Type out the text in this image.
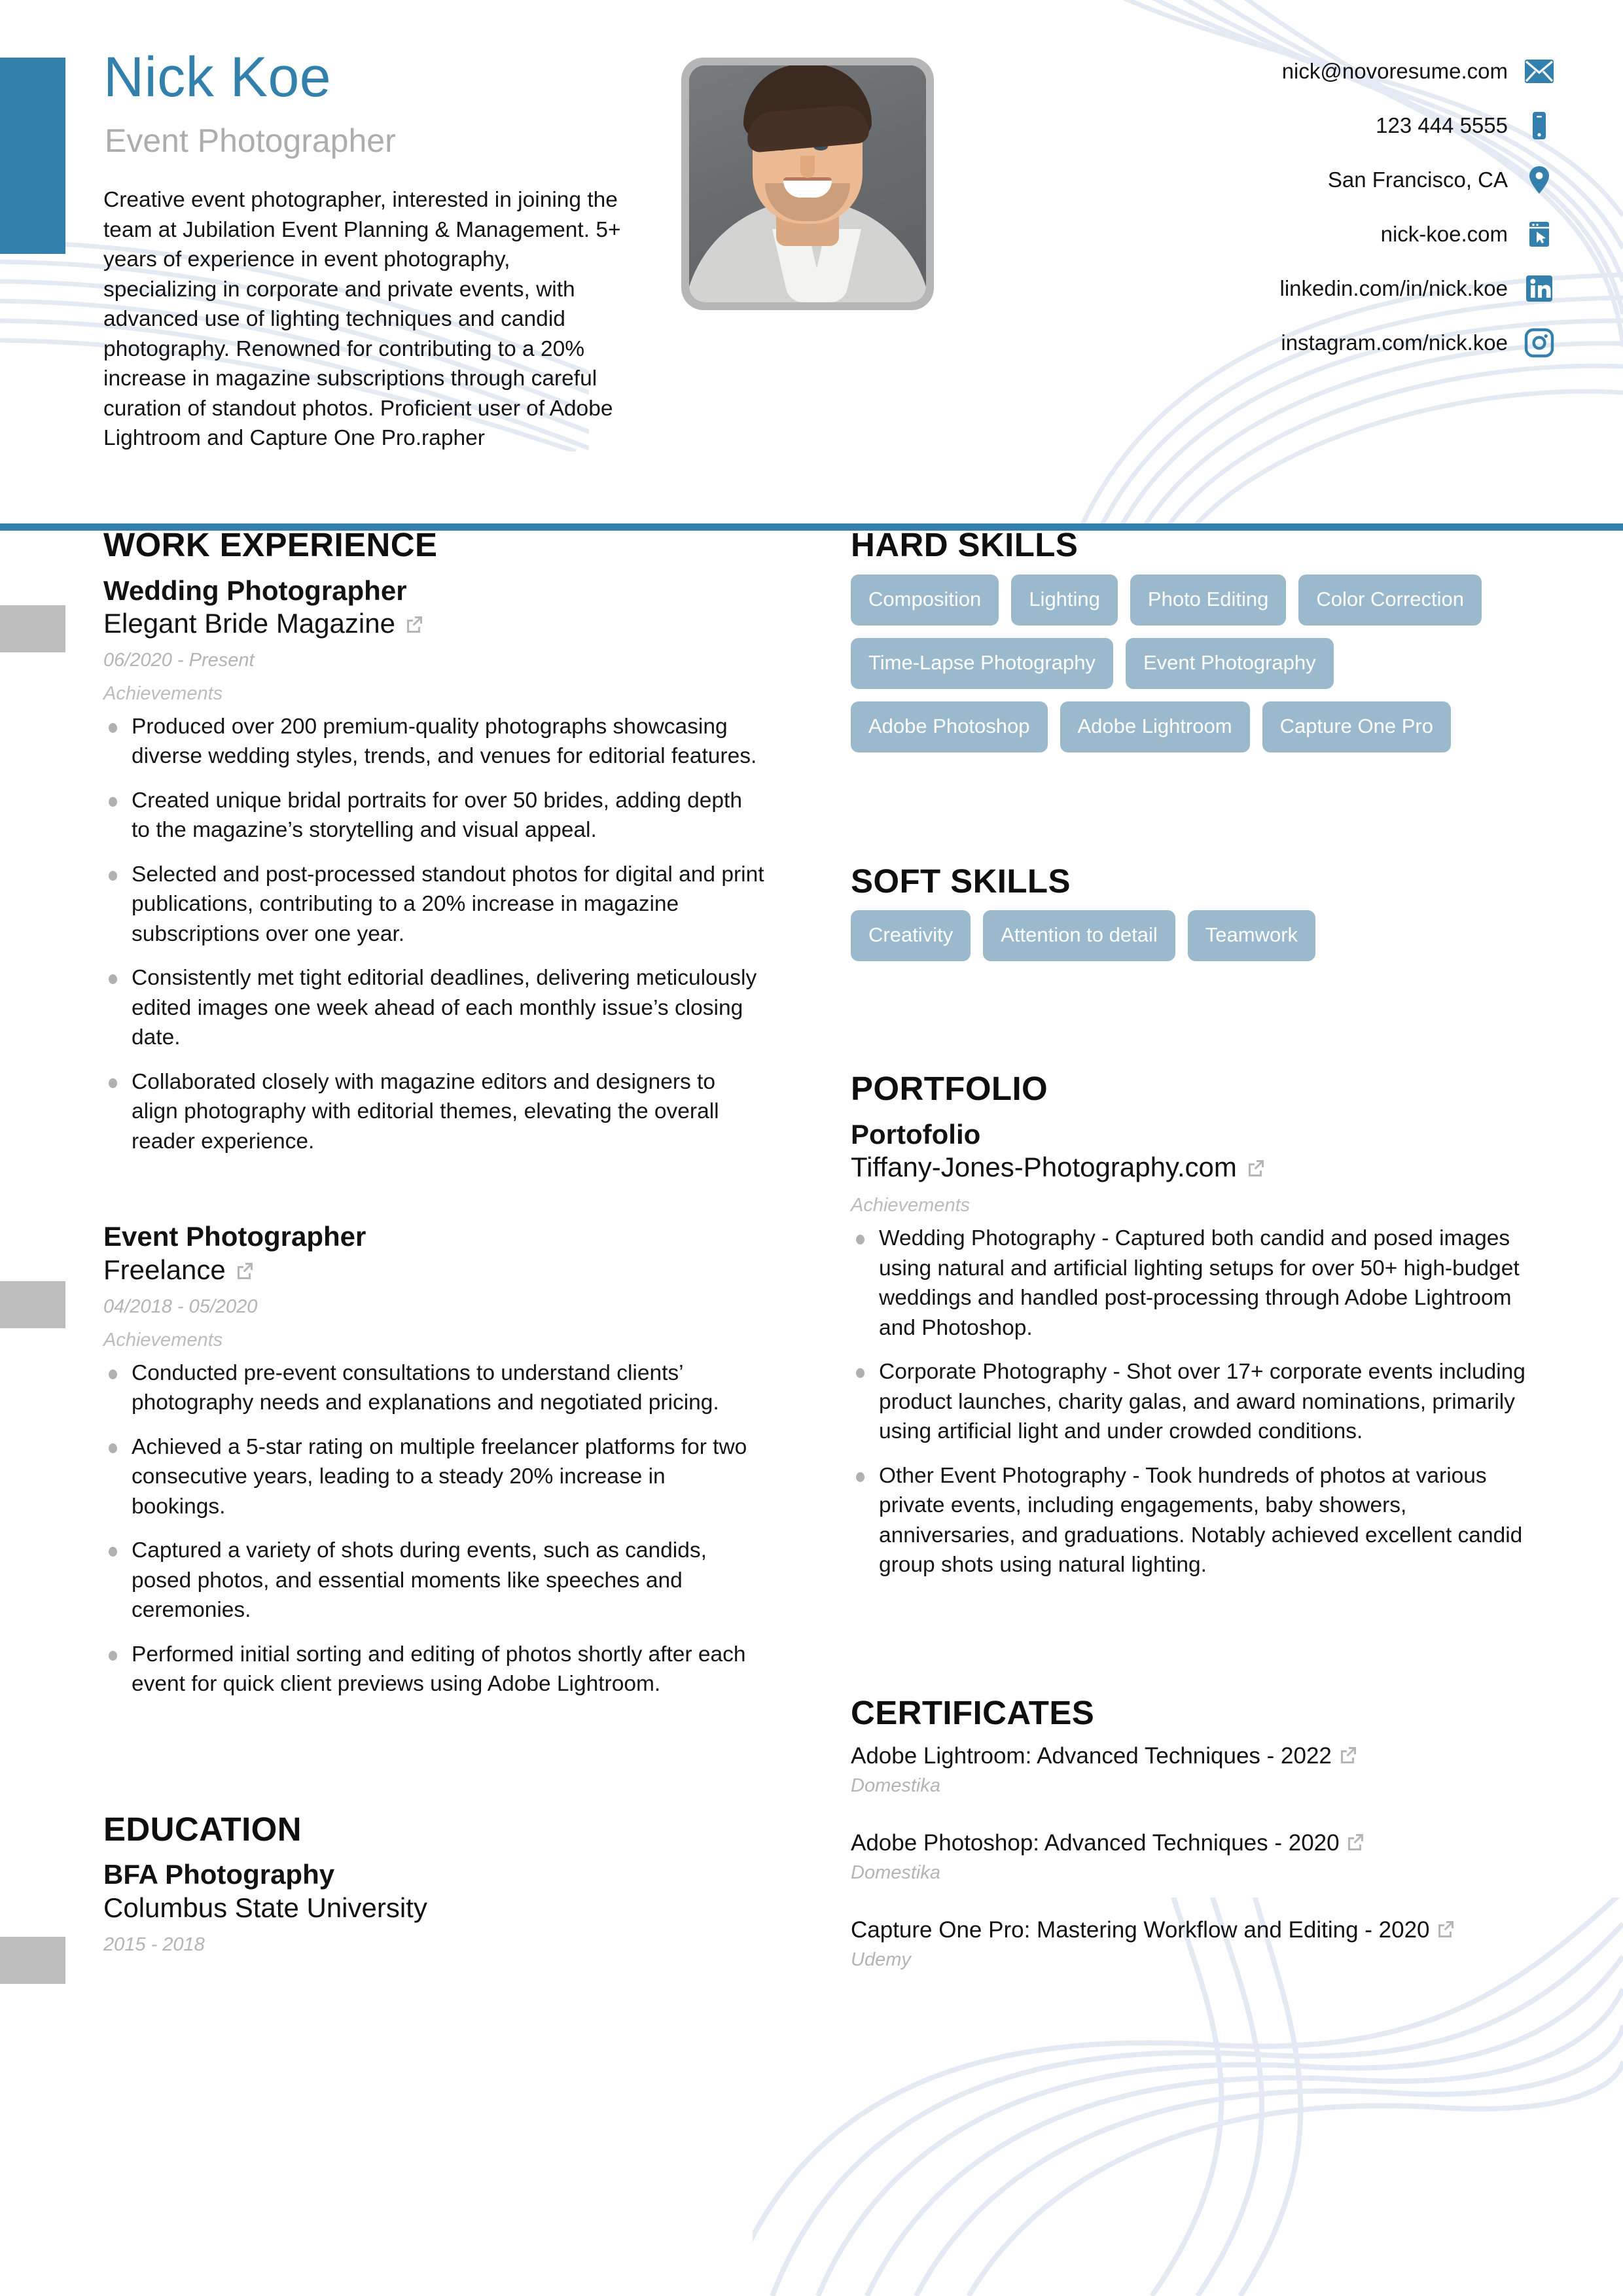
Nick Koe
Event Photographer
Creative event photographer, interested in joining the team at Jubilation Event Planning & Management. 5+ years of experience in event photography, specializing in corporate and private events, with advanced use of lighting techniques and candid photography. Renowned for contributing to a 20% increase in magazine subscriptions through careful curation of standout photos. Proficient user of Adobe Lightroom and Capture One Pro.rapher
nick@novoresume.com
123 444 5555
San Francisco, CA
nick-koe.com
linkedin.com/in/nick.koe
instagram.com/nick.koe
WORK EXPERIENCE

Wedding Photographer

Elegant Bride Magazine

06/2020 - Present

Achievements

Produced over 200 premium-quality photographs showcasing diverse wedding styles, trends, and venues for editorial features.
Created unique bridal portraits for over 50 brides, adding depth to the magazine’s storytelling and visual appeal.
Selected and post-processed standout photos for digital and print publications, contributing to a 20% increase in magazine subscriptions over one year.
Consistently met tight editorial deadlines, delivering meticulously edited images one week ahead of each monthly issue’s closing date.
Collaborated closely with magazine editors and designers to align photography with editorial themes, elevating the overall reader experience.

Event Photographer

Freelance

04/2018 - 05/2020

Achievements

Conducted pre-event consultations to understand clients’ photography needs and explanations and negotiated pricing.
Achieved a 5-star rating on multiple freelancer platforms for two consecutive years, leading to a steady 20% increase in bookings.
Captured a variety of shots during events, such as candids, posed photos, and essential moments like speeches and ceremonies.
Performed initial sorting and editing of photos shortly after each event for quick client previews using Adobe Lightroom.
EDUCATION

BFA Photography

Columbus State University

2015 - 2018

HARD SKILLS
Composition	Lighting	Photo Editing	Color Correction
Time-Lapse Photography	Event Photography
Adobe Photoshop	Adobe Lightroom	Capture One Pro
SOFT SKILLS
Creativity	Attention to detail	Teamwork
PORTFOLIO

Portofolio

Tiffany-Jones-Photography.com

Achievements

Wedding Photography - Captured both candid and posed images using natural and artificial lighting setups for over 50+ high-budget weddings and handled post-processing through Adobe Lightroom and Photoshop.
Corporate Photography - Shot over 17+ corporate events including product launches, charity galas, and award nominations, primarily using artificial light and under crowded conditions.
Other Event Photography - Took hundreds of photos at various private events, including engagements, baby showers, anniversaries, and graduations. Notably achieved excellent candid group shots using natural lighting.
CERTIFICATES

Adobe Lightroom: Advanced Techniques - 2022

Domestika

Adobe Photoshop: Advanced Techniques - 2020

Domestika

Capture One Pro: Mastering Workflow and Editing - 2020

Udemy
